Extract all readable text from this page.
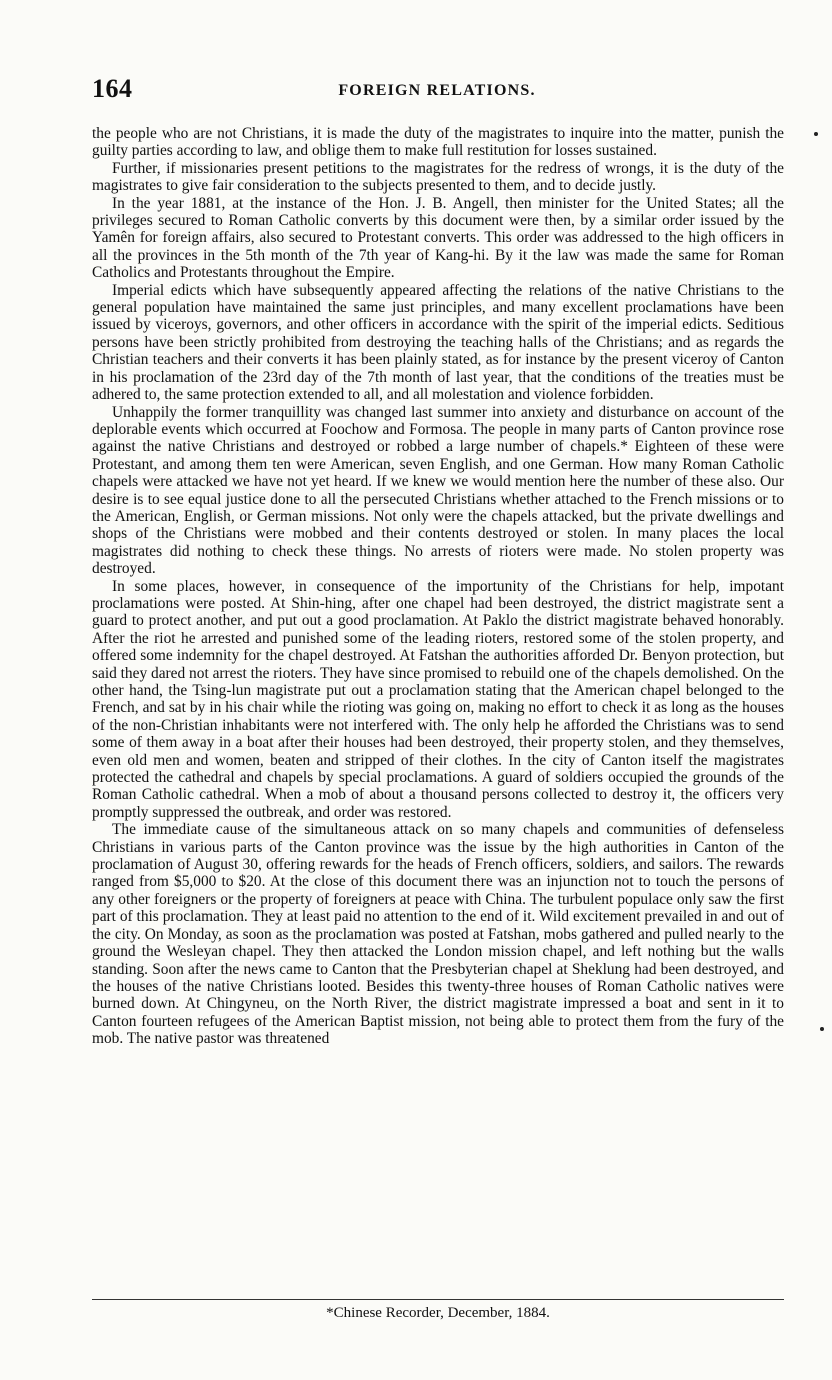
164	FOREIGN RELATIONS.

the people who are not Christians, it is made the duty of the magistrates to inquire into the matter, punish the guilty parties according to law, and oblige them to make full restitution for losses sustained.

Further, if missionaries present petitions to the magistrates for the redress of wrongs, it is the duty of the magistrates to give fair consideration to the subjects presented to them, and to decide justly.

In the year 1881, at the instance of the Hon. J. B. Angell, then minister for the United States; all the privileges secured to Roman Catholic converts by this document were then, by a similar order issued by the Yamên for foreign affairs, also secured to Protestant converts. This order was addressed to the high officers in all the provinces in the 5th month of the 7th year of Kang-hi. By it the law was made the same for Roman Catholics and Protestants throughout the Empire.

Imperial edicts which have subsequently appeared affecting the relations of the native Christians to the general population have maintained the same just principles, and many excellent proclamations have been issued by viceroys, governors, and other officers in accordance with the spirit of the imperial edicts. Seditious persons have been strictly prohibited from destroying the teaching halls of the Christians; and as regards the Christian teachers and their converts it has been plainly stated, as for instance by the present viceroy of Canton in his proclamation of the 23rd day of the 7th month of last year, that the conditions of the treaties must be adhered to, the same protection extended to all, and all molestation and violence forbidden.

Unhappily the former tranquillity was changed last summer into anxiety and disturbance on account of the deplorable events which occurred at Foochow and Formosa. The people in many parts of Canton province rose against the native Christians and destroyed or robbed a large number of chapels.* Eighteen of these were Protestant, and among them ten were American, seven English, and one German. How many Roman Catholic chapels were attacked we have not yet heard. If we knew we would mention here the number of these also. Our desire is to see equal justice done to all the persecuted Christians whether attached to the French missions or to the American, English, or German missions. Not only were the chapels attacked, but the private dwellings and shops of the Christians were mobbed and their contents destroyed or stolen. In many places the local magistrates did nothing to check these things. No arrests of rioters were made. No stolen property was destroyed.

In some places, however, in consequence of the importunity of the Christians for help, impotant proclamations were posted. At Shin-hing, after one chapel had been destroyed, the district magistrate sent a guard to protect another, and put out a good proclamation. At Paklo the district magistrate behaved honorably. After the riot he arrested and punished some of the leading rioters, restored some of the stolen property, and offered some indemnity for the chapel destroyed. At Fatshan the authorities afforded Dr. Benyon protection, but said they dared not arrest the rioters. They have since promised to rebuild one of the chapels demolished. On the other hand, the Tsing-lun magistrate put out a proclamation stating that the American chapel belonged to the French, and sat by in his chair while the rioting was going on, making no effort to check it as long as the houses of the non-Christian inhabitants were not interfered with. The only help he afforded the Christians was to send some of them away in a boat after their houses had been destroyed, their property stolen, and they themselves, even old men and women, beaten and stripped of their clothes. In the city of Canton itself the magistrates protected the cathedral and chapels by special proclamations. A guard of soldiers occupied the grounds of the Roman Catholic cathedral. When a mob of about a thousand persons collected to destroy it, the officers very promptly suppressed the outbreak, and order was restored.

The immediate cause of the simultaneous attack on so many chapels and communities of defenseless Christians in various parts of the Canton province was the issue by the high authorities in Canton of the proclamation of August 30, offering rewards for the heads of French officers, soldiers, and sailors. The rewards ranged from $5,000 to $20. At the close of this document there was an injunction not to touch the persons of any other foreigners or the property of foreigners at peace with China. The turbulent populace only saw the first part of this proclamation. They at least paid no attention to the end of it. Wild excitement prevailed in and out of the city. On Monday, as soon as the proclamation was posted at Fatshan, mobs gathered and pulled nearly to the ground the Wesleyan chapel. They then attacked the London mission chapel, and left nothing but the walls standing. Soon after the news came to Canton that the Presbyterian chapel at Sheklung had been destroyed, and the houses of the native Christians looted. Besides this twenty-three houses of Roman Catholic natives were burned down. At Chingyneu, on the North River, the district magistrate impressed a boat and sent in it to Canton fourteen refugees of the American Baptist mission, not being able to protect them from the fury of the mob. The native pastor was threatened

*Chinese Recorder, December, 1884.
